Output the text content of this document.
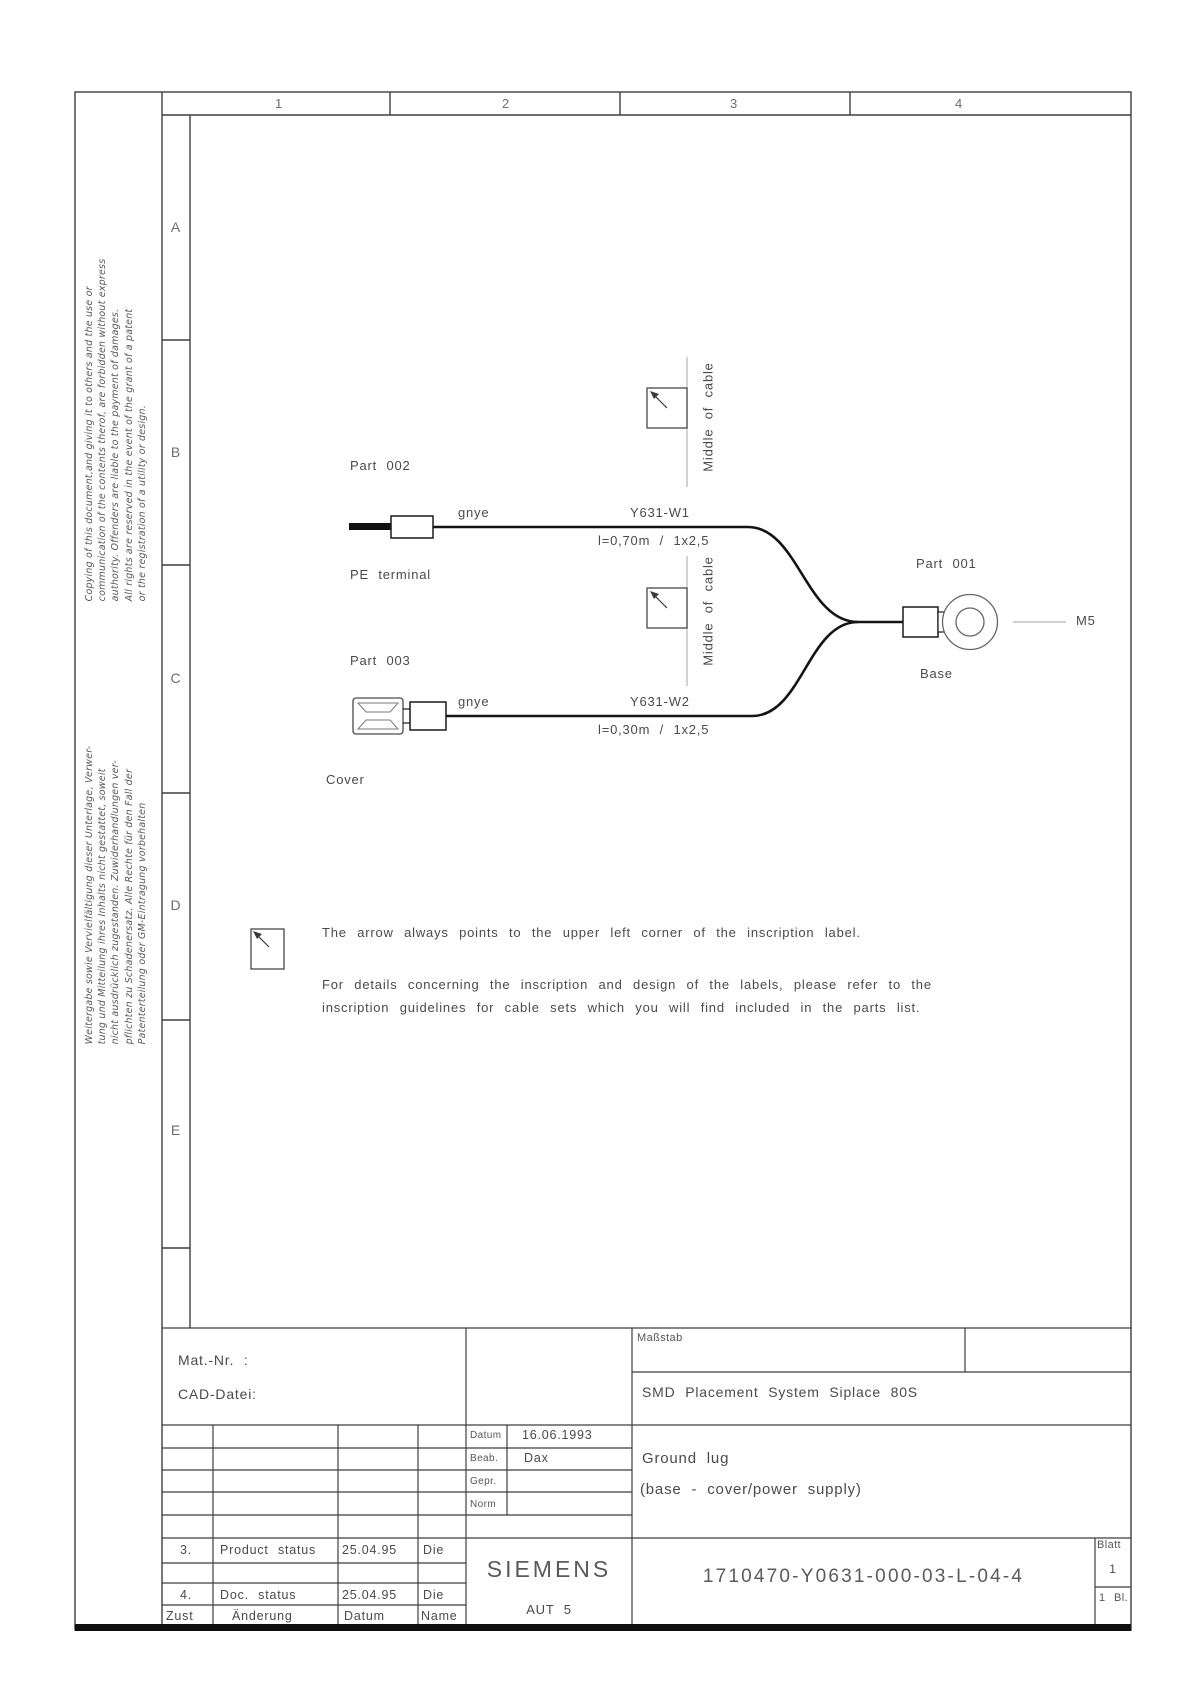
1	2	3	4
A
B
C
D
E
Copying of this document,and giving it to others and the use or communication of the contents therof, are forbidden without express authority. Offenders are liable to the payment of damages. All rights are reserved in the event of the grant of a patent or the registration of a utility or design.
Weitergabe sowie Vervielfältigung dieser Unterlage, Verwer- tung und Mitteilung ihres Inhalts nicht gestattet, soweit nicht ausdrücklich zugestanden. Zuwiderhandlungen ver- pflichten zu Schadenersatz. Alle Rechte für den Fall der Patenterteilung oder GM-Eintragung vorbehalten
Part 002
gnye	Y631-W1
l=0,70m / 1x2,5
PE terminal
Middle of cable
Part 003
gnye	Y631-W2
l=0,30m / 1x2,5
Cover
Middle of cable	Part 001
Base
M5
The arrow always points to the upper left corner of the inscription label.
For details concerning the inscription and design of the labels, please refer to the
inscription guidelines for cable sets which you will find included in the parts list.
Mat.-Nr. :
CAD-Datei:
Maßstab
SMD Placement System Siplace 80S
Ground lug
(base - cover/power supply)
Datum 16.06.1993
Beab. Dax
Gepr.
Norm
3. Product status 25.04.95 Die
4. Doc. status	25.04.95 Die
Zust	Änderung	Datum	Name
SIEMENS
AUT 5
1710470-Y0631-000-03-L-04-4
Blatt
1
1 Bl.
